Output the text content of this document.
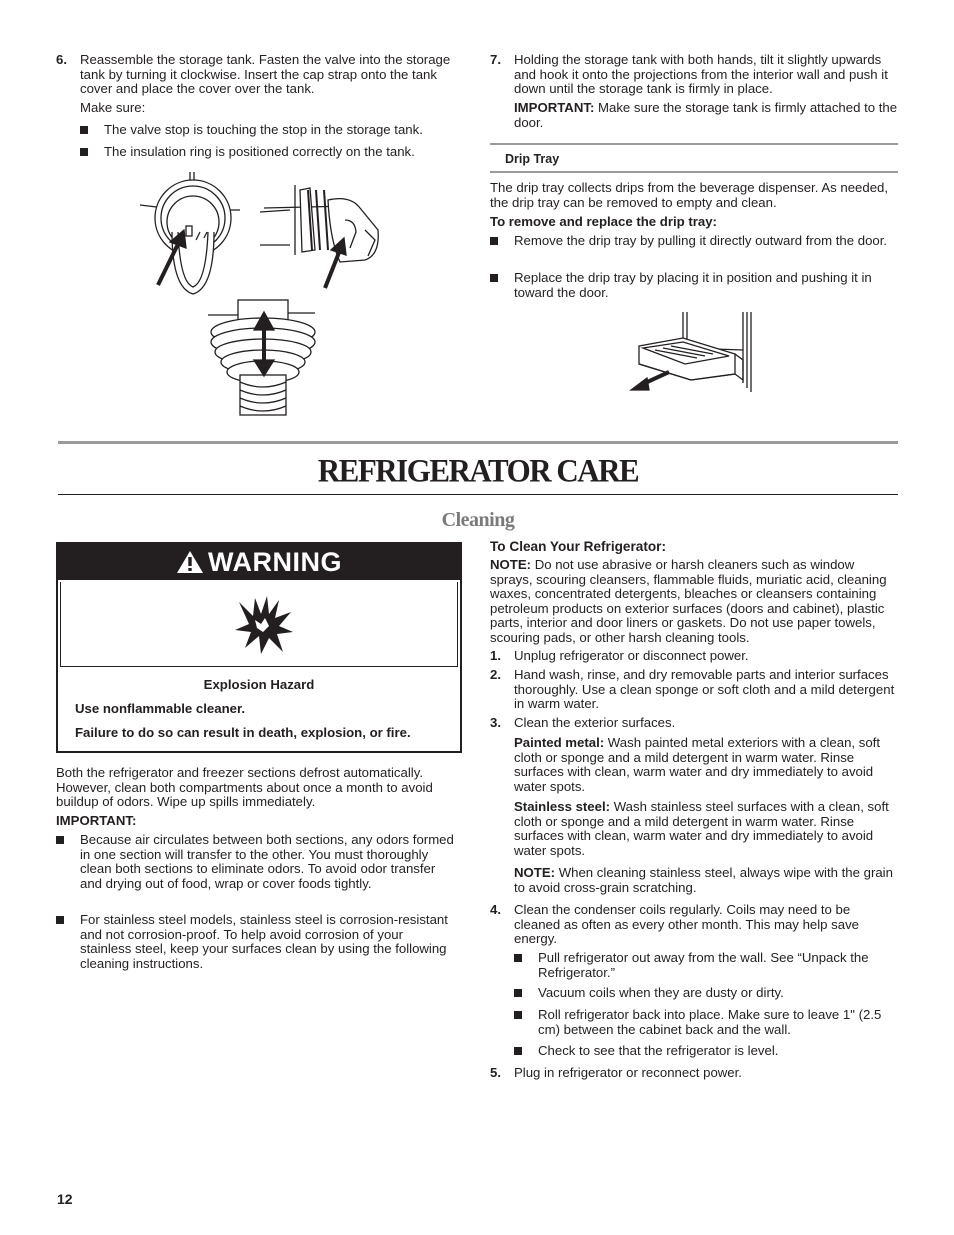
6. Reassemble the storage tank. Fasten the valve into the storage tank by turning it clockwise. Insert the cap strap onto the tank cover and place the cover over the tank.

Make sure:

The valve stop is touching the stop in the storage tank.
The insulation ring is positioned correctly on the tank.
7. Holding the storage tank with both hands, tilt it slightly upwards and hook it onto the projections from the interior wall and push it down until the storage tank is firmly in place.

IMPORTANT: Make sure the storage tank is firmly attached to the door.

Drip Tray

The drip tray collects drips from the beverage dispenser. As needed, the drip tray can be removed to empty and clean.

To remove and replace the drip tray:

Remove the drip tray by pulling it directly outward from the door.
Replace the drip tray by placing it in position and pushing it in toward the door.
REFRIGERATOR CARE
Cleaning
WARNING

Explosion Hazard

Use nonflammable cleaner.

Failure to do so can result in death, explosion, or fire.

Both the refrigerator and freezer sections defrost automatically. However, clean both compartments about once a month to avoid buildup of odors. Wipe up spills immediately.

IMPORTANT:

Because air circulates between both sections, any odors formed in one section will transfer to the other. You must thoroughly clean both sections to eliminate odors. To avoid odor transfer and drying out of food, wrap or cover foods tightly.
For stainless steel models, stainless steel is corrosion-resistant and not corrosion-proof. To help avoid corrosion of your stainless steel, keep your surfaces clean by using the following cleaning instructions.

To Clean Your Refrigerator:

NOTE: Do not use abrasive or harsh cleaners such as window sprays, scouring cleansers, flammable fluids, muriatic acid, cleaning waxes, concentrated detergents, bleaches or cleansers containing petroleum products on exterior surfaces (doors and cabinet), plastic parts, interior and door liners or gaskets. Do not use paper towels, scouring pads, or other harsh cleaning tools.

1. Unplug refrigerator or disconnect power.

2. Hand wash, rinse, and dry removable parts and interior surfaces thoroughly. Use a clean sponge or soft cloth and a mild detergent in warm water.

3. Clean the exterior surfaces.

Painted metal: Wash painted metal exteriors with a clean, soft cloth or sponge and a mild detergent in warm water. Rinse surfaces with clean, warm water and dry immediately to avoid water spots.

Stainless steel: Wash stainless steel surfaces with a clean, soft cloth or sponge and a mild detergent in warm water. Rinse surfaces with clean, warm water and dry immediately to avoid water spots.

NOTE: When cleaning stainless steel, always wipe with the grain to avoid cross-grain scratching.

4. Clean the condenser coils regularly. Coils may need to be cleaned as often as every other month. This may help save energy.

Pull refrigerator out away from the wall. See “Unpack the Refrigerator.”
Vacuum coils when they are dusty or dirty.
Roll refrigerator back into place. Make sure to leave 1" (2.5 cm) between the cabinet back and the wall.
Check to see that the refrigerator is level.
5. Plug in refrigerator or reconnect power.

12
